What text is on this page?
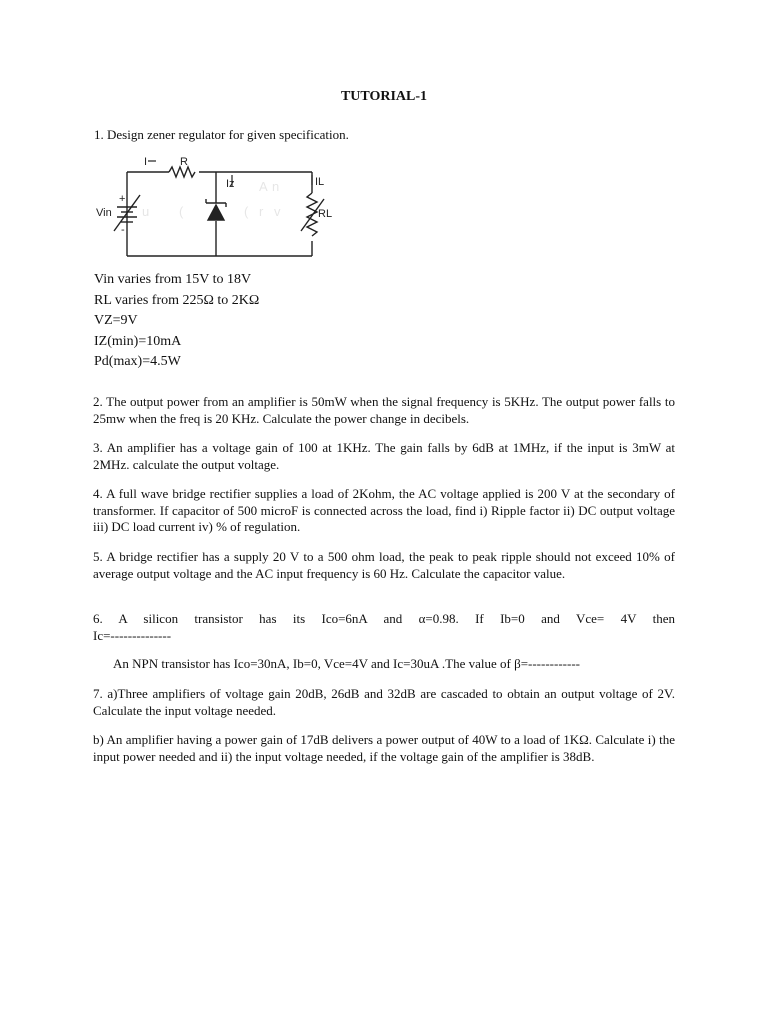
TUTORIAL-1
1. Design zener regulator for given specification.
A n
( r v
u (
I	R
Iz	IL
RL
Vin
+
-
Vin varies from 15V to 18V
RL varies from 225Ω to 2KΩ
VZ=9V
IZ(min)=10mA
Pd(max)=4.5W
2. The output power from an amplifier is 50mW when the signal frequency is 5KHz. The output power falls to 25mw when the freq is 20 KHz. Calculate the power change in decibels.
3. An amplifier has a voltage gain of 100 at 1KHz. The gain falls by 6dB at 1MHz, if the input is 3mW at 2MHz. calculate the output voltage.
4. A full wave bridge rectifier supplies a load of 2Kohm, the AC voltage applied is 200 V at the secondary of transformer. If capacitor of 500 microF is connected across the load, find i) Ripple factor ii) DC output voltage iii) DC load current iv) % of regulation.
5. A bridge rectifier has a supply 20 V to a 500 ohm load, the peak to peak ripple should not exceed 10% of average output voltage and the AC input frequency is 60 Hz. Calculate the capacitor value.
6. A silicon transistor has its Ico=6nA and α=0.98. If Ib=0 and Vce= 4V then
Ic=--------------
An NPN transistor has Ico=30nA, Ib=0, Vce=4V and Ic=30uA .The value of β=------------
7. a)Three amplifiers of voltage gain 20dB, 26dB and 32dB are cascaded to obtain an output voltage of 2V. Calculate the input voltage needed.
b) An amplifier having a power gain of 17dB delivers a power output of 40W to a load of 1KΩ. Calculate i) the input power needed and ii) the input voltage needed, if the voltage gain of the amplifier is 38dB.
